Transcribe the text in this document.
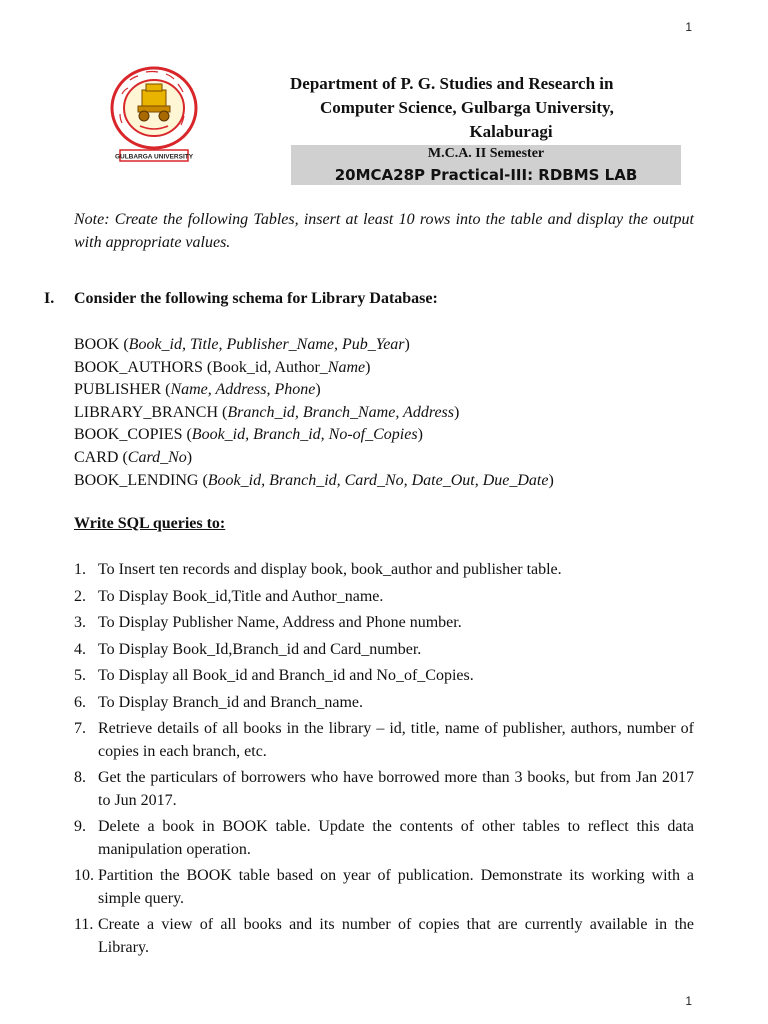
1
GULBARGA UNIVERSITY
Department of P. G. Studies and Research in
Computer Science, Gulbarga University,
Kalaburagi
M.C.A. II Semester
20MCA28P Practical-III: RDBMS LAB
Note: Create the following Tables, insert at least 10 rows into the table and display the output with appropriate values.
I. Consider the following schema for Library Database:
BOOK (Book_id, Title, Publisher_Name, Pub_Year)
BOOK_AUTHORS (Book_id, Author_Name)
PUBLISHER (Name, Address, Phone)
LIBRARY_BRANCH (Branch_id, Branch_Name, Address)
BOOK_COPIES (Book_id, Branch_id, No-of_Copies)
CARD (Card_No)
BOOK_LENDING (Book_id, Branch_id, Card_No, Date_Out, Due_Date)
Write SQL queries to:
1. To Insert ten records and display book, book_author and publisher table.
2. To Display Book_id,Title and Author_name.
3. To Display Publisher Name, Address and Phone number.
4. To Display Book_Id,Branch_id and Card_number.
5. To Display all Book_id and Branch_id and No_of_Copies.
6. To Display Branch_id and Branch_name.
7. Retrieve details of all books in the library – id, title, name of publisher, authors, number of copies in each branch, etc.
8. Get the particulars of borrowers who have borrowed more than 3 books, but from Jan 2017 to Jun 2017.
9. Delete a book in BOOK table. Update the contents of other tables to reflect this data manipulation operation.
10. Partition the BOOK table based on year of publication. Demonstrate its working with a simple query.
11. Create a view of all books and its number of copies that are currently available in the Library.
1
